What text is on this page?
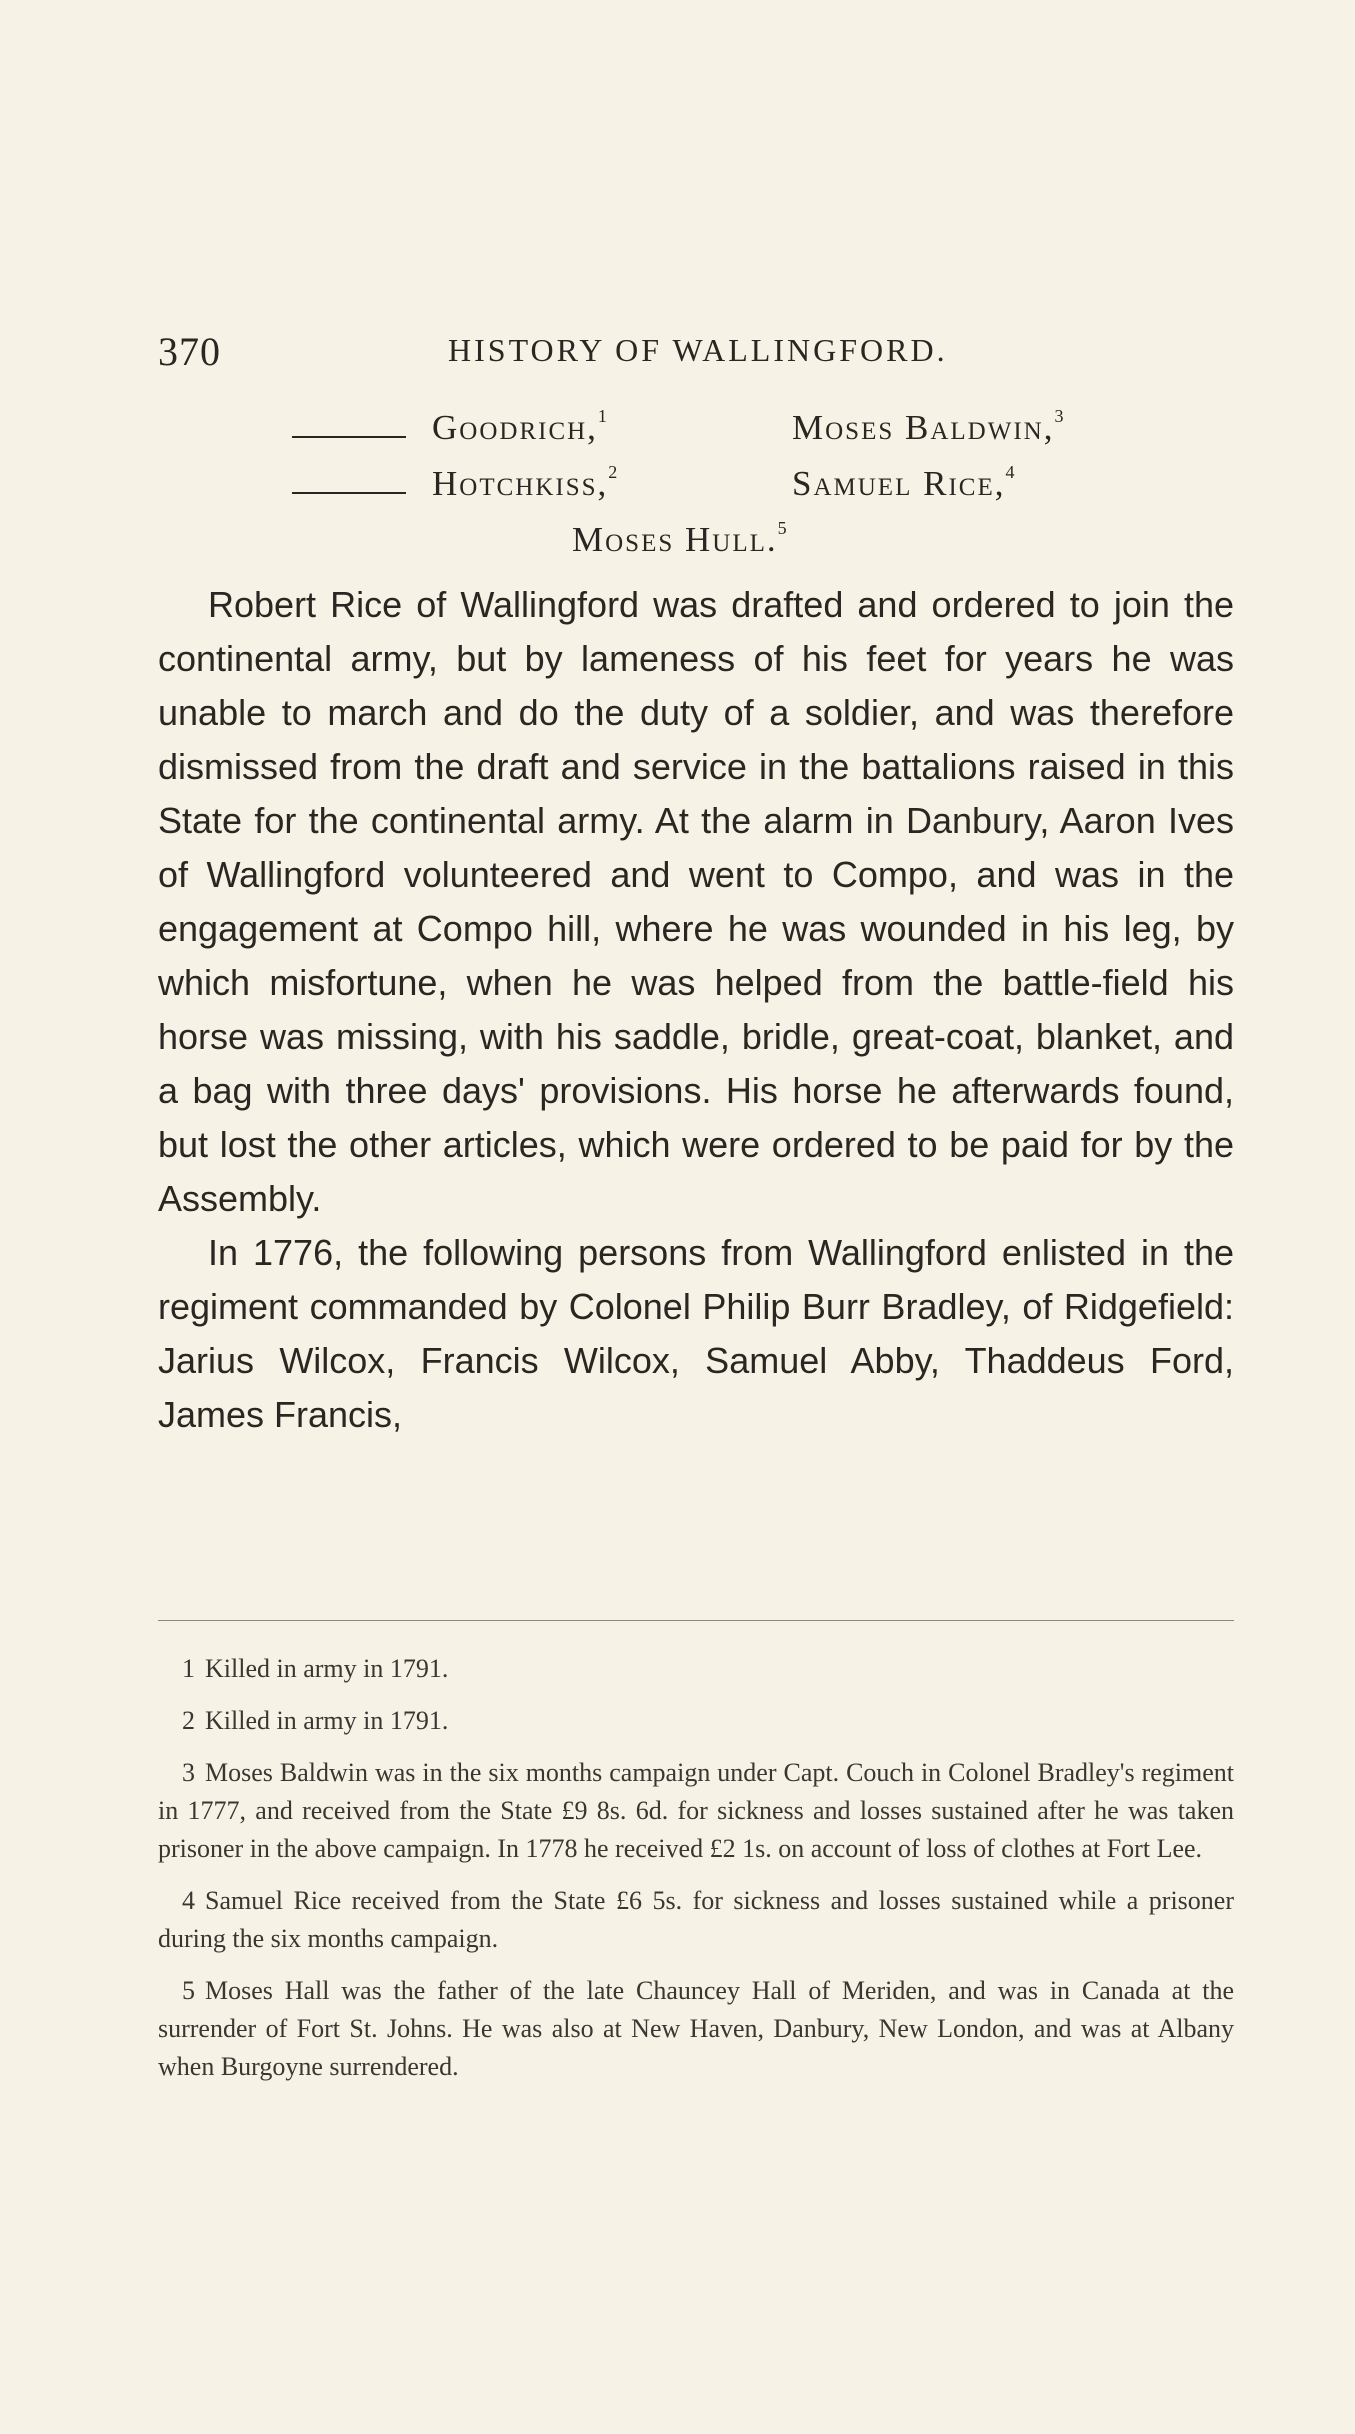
370	HISTORY OF WALLINGFORD.
Goodrich,$^1$	Moses Baldwin,$^3$
Hotchkiss,$^2$	Samuel Rice,$^4$
Moses Hull.$^5$

Robert Rice of Wallingford was drafted and ordered to join the continental army, but by lameness of his feet for years he was unable to march and do the duty of a soldier, and was therefore dismissed from the draft and service in the battalions raised in this State for the continental army. At the alarm in Danbury, Aaron Ives of Wallingford volunteered and went to Compo, and was in the engagement at Compo hill, where he was wounded in his leg, by which misfortune, when he was helped from the battle-field his horse was missing, with his saddle, bridle, great-coat, blanket, and a bag with three days' provisions. His horse he afterwards found, but lost the other articles, which were ordered to be paid for by the Assembly.

In 1776, the following persons from Wallingford enlisted in the regiment commanded by Colonel Philip Burr Bradley, of Ridgefield: Jarius Wilcox, Francis Wilcox, Samuel Abby, Thaddeus Ford, James Francis,

1 Killed in army in 1791.

2 Killed in army in 1791.

3 Moses Baldwin was in the six months campaign under Capt. Couch in Colonel Bradley's regiment in 1777, and received from the State £9 8s. 6d. for sickness and losses sustained after he was taken prisoner in the above campaign. In 1778 he received £2 1s. on account of loss of clothes at Fort Lee.

4 Samuel Rice received from the State £6 5s. for sickness and losses sustained while a prisoner during the six months campaign.

5 Moses Hall was the father of the late Chauncey Hall of Meriden, and was in Canada at the surrender of Fort St. Johns. He was also at New Haven, Danbury, New London, and was at Albany when Burgoyne surrendered.
